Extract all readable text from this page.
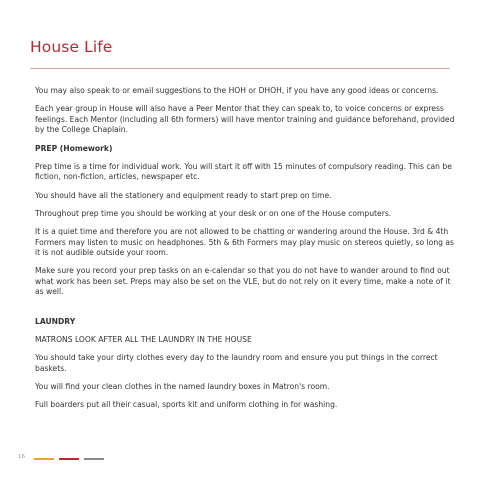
House Life

You may also speak to or email suggestions to the HOH or DHOH, if you have any good ideas or concerns.

Each year group in House will also have a Peer Mentor that they can speak to, to voice concerns or express feelings. Each Mentor (including all 6th formers) will have mentor training and guidance beforehand, provided by the College Chaplain.

PREP (Homework)

Prep time is a time for individual work. You will start it off with 15 minutes of compulsory reading. This can be fiction, non-fiction, articles, newspaper etc.

You should have all the stationery and equipment ready to start prep on time.

Throughout prep time you should be working at your desk or on one of the House computers.

It is a quiet time and therefore you are not allowed to be chatting or wandering around the House. 3rd & 4th Formers may listen to music on headphones. 5th & 6th Formers may play music on stereos quietly, so long as it is not audible outside your room.

Make sure you record your prep tasks on an e-calendar so that you do not have to wander around to find out what work has been set. Preps may also be set on the VLE, but do not rely on it every time, make a note of it as well.

LAUNDRY

MATRONS LOOK AFTER ALL THE LAUNDRY IN THE HOUSE

You should take your dirty clothes every day to the laundry room and ensure you put things in the correct baskets.

You will find your clean clothes in the named laundry boxes in Matron's room.

Full boarders put all their casual, sports kit and uniform clothing in for washing.

16
